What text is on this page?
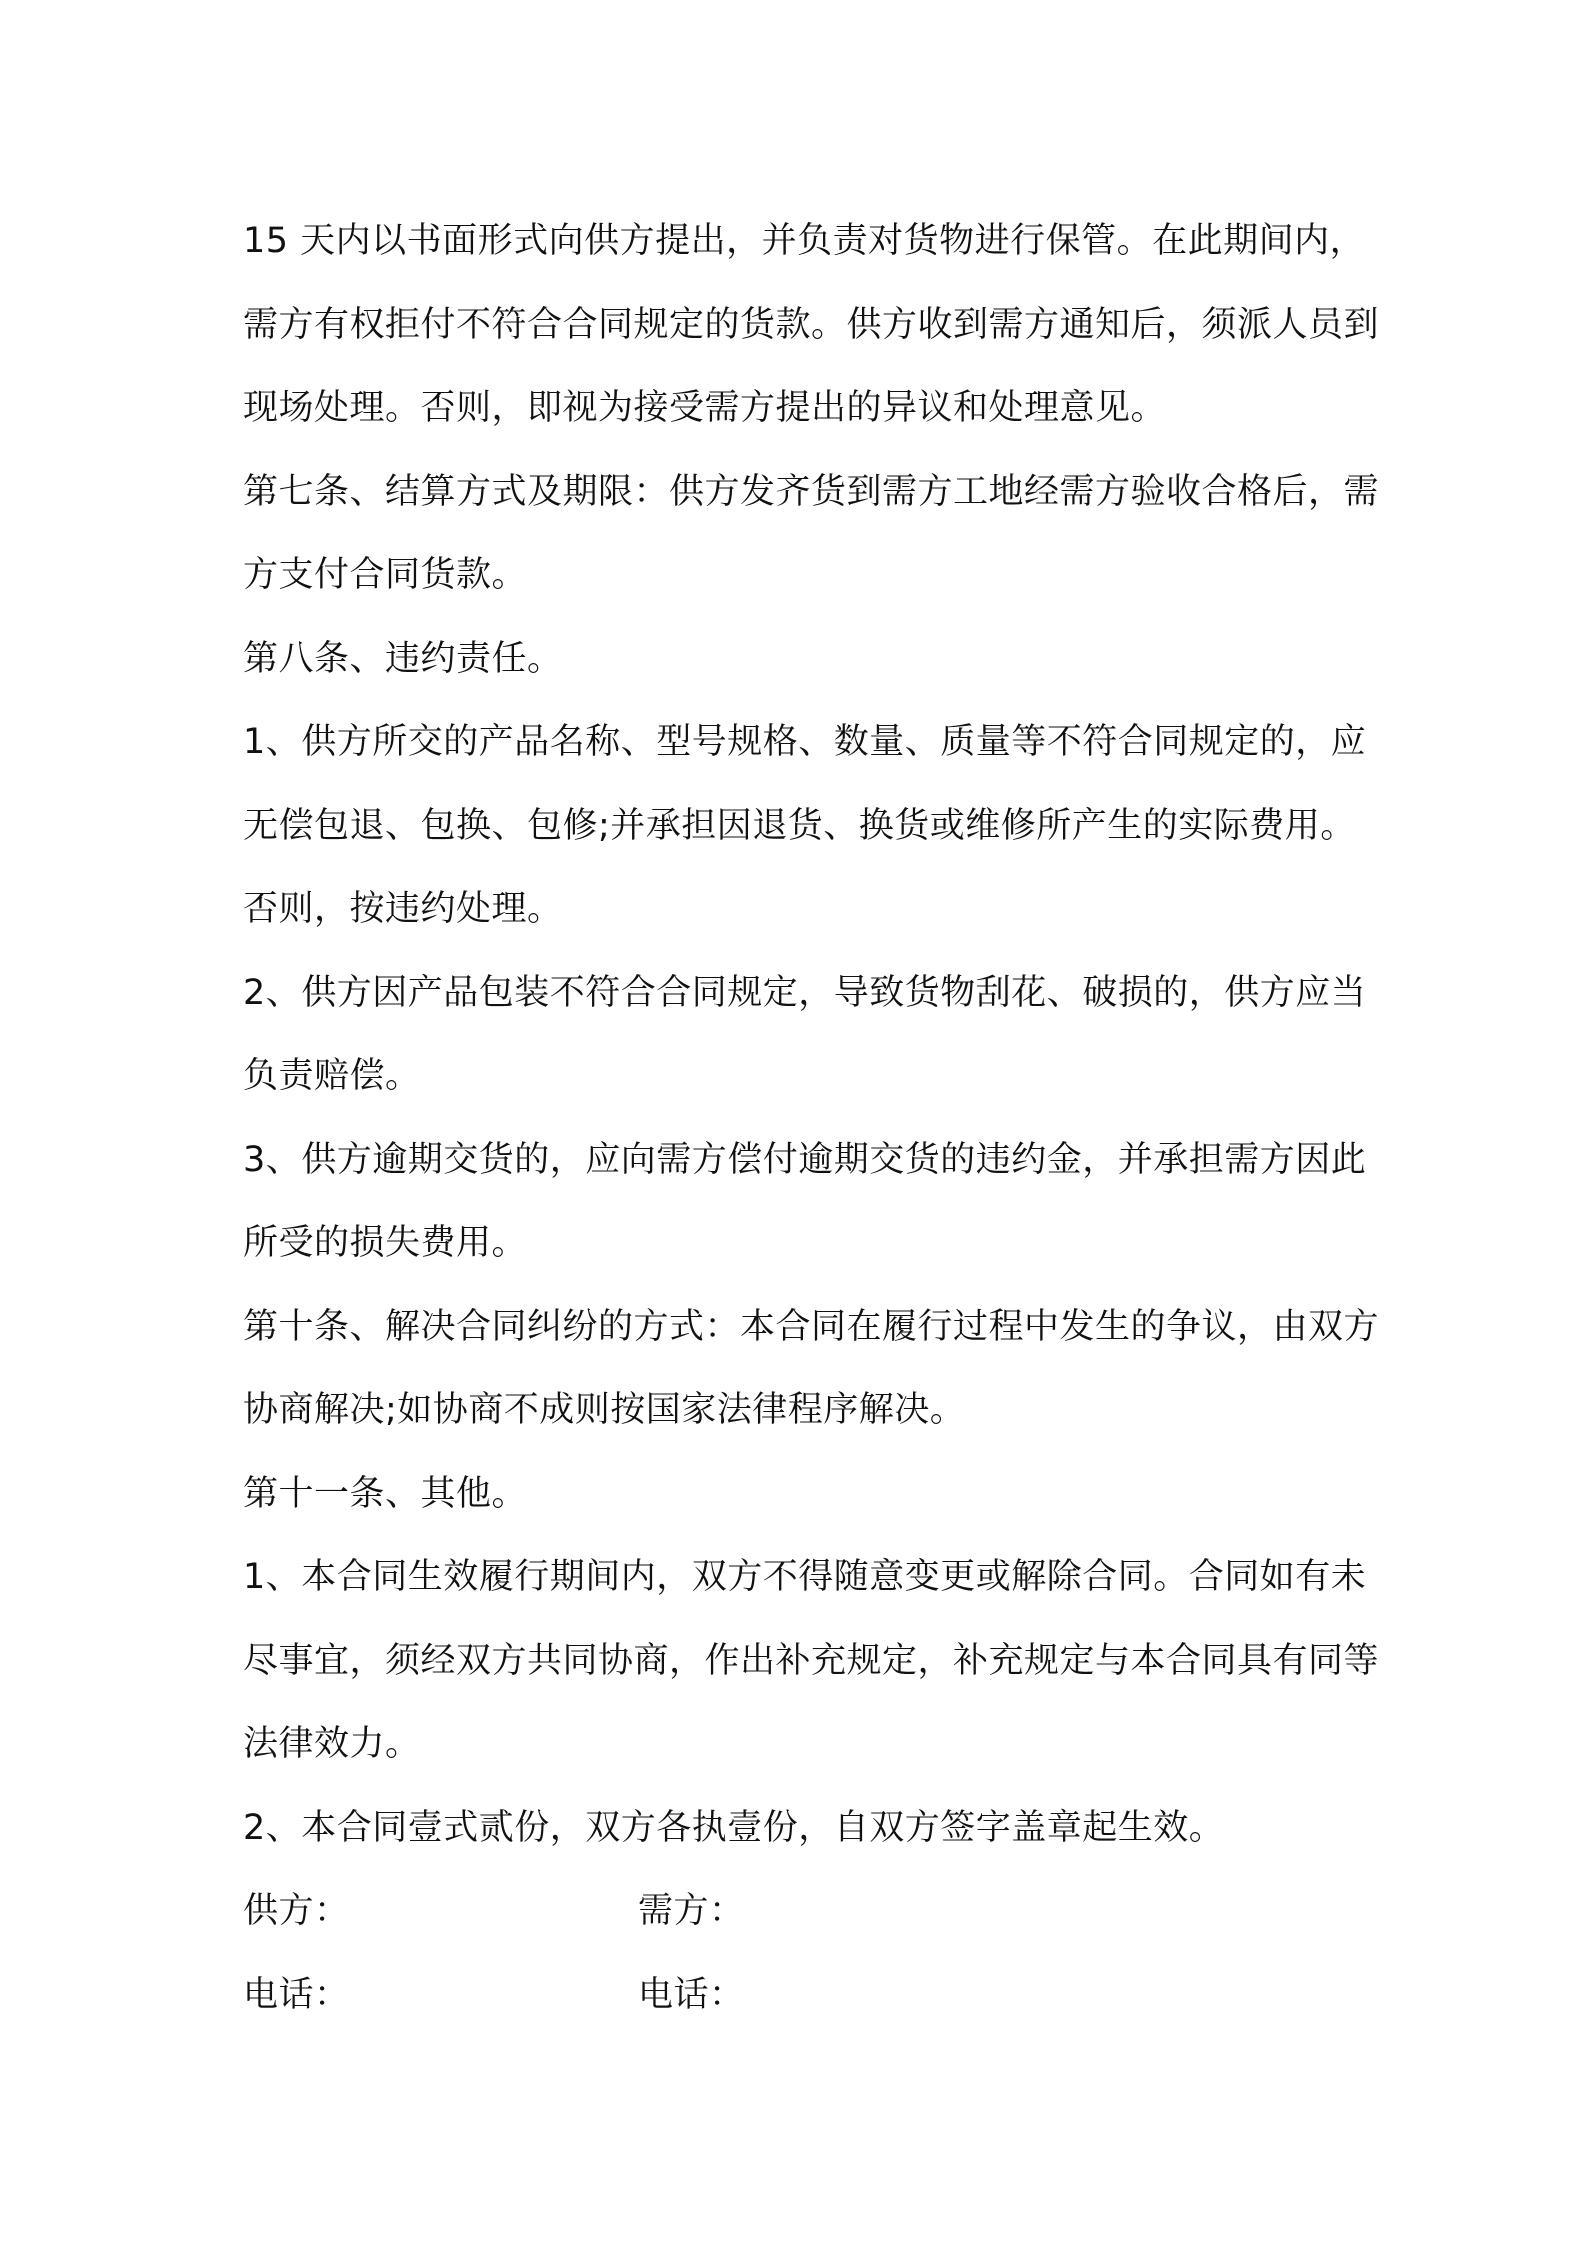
15 天内以书面形式向供方提出，并负责对货物进行保管。在此期间内，需方有权拒付不符合合同规定的货款。供方收到需方通知后，须派人员到现场处理。否则，即视为接受需方提出的异议和处理意见。

第七条、结算方式及期限：供方发齐货到需方工地经需方验收合格后，需方支付合同货款。

第八条、违约责任。

1、供方所交的产品名称、型号规格、数量、质量等不符合同规定的，应无偿包退、包换、包修;并承担因退货、换货或维修所产生的实际费用。否则，按违约处理。

2、供方因产品包装不符合合同规定，导致货物刮花、破损的，供方应当负责赔偿。

3、供方逾期交货的，应向需方偿付逾期交货的违约金，并承担需方因此所受的损失费用。

第十条、解决合同纠纷的方式：本合同在履行过程中发生的争议，由双方协商解决;如协商不成则按国家法律程序解决。

第十一条、其他。

1、本合同生效履行期间内，双方不得随意变更或解除合同。合同如有未尽事宜，须经双方共同协商，作出补充规定，补充规定与本合同具有同等法律效力。

2、本合同壹式贰份，双方各执壹份，自双方签字盖章起生效。

供方：	需方：
电话：	电话：
